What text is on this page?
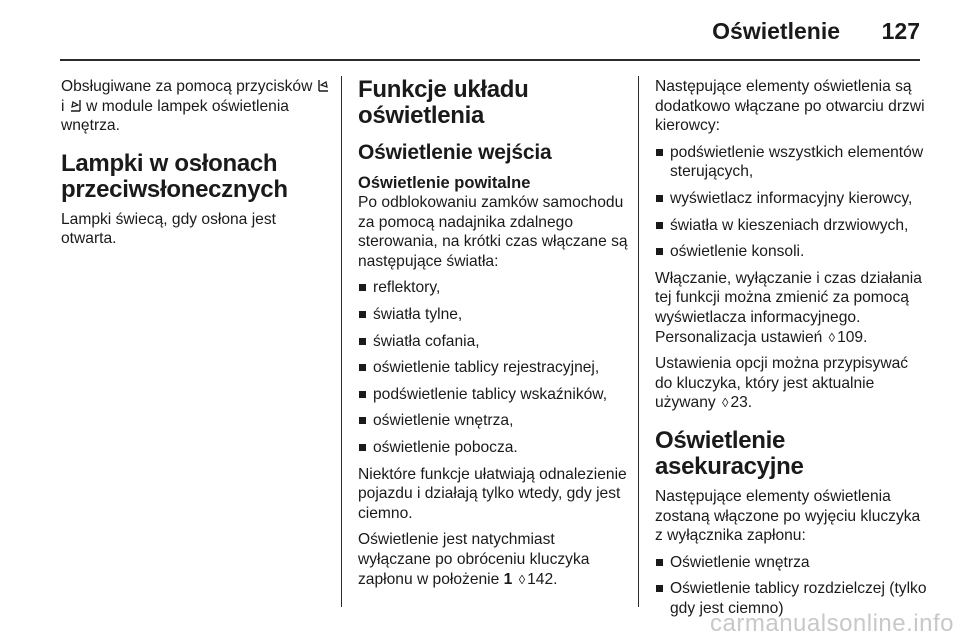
Oświetlenie 127

Obsługiwane za pomocą przycisków  i w module lampek oświetlenia wnętrza.

Lampki w osłonach przeciwsłonecznych

Lampki świecą, gdy osłona jest otwarta.

Funkcje układu oświetlenia
Oświetlenie wejścia
Oświetlenie powitalne

Po odblokowaniu zamków samochodu za pomocą nadajnika zdalnego sterowania, na krótki czas włączane są następujące światła:

reflektory,
światła tylne,
światła cofania,
oświetlenie tablicy rejestracyjnej,
podświetlenie tablicy wskaźników,
oświetlenie wnętrza,
oświetlenie pobocza.

Niektóre funkcje ułatwiają odnalezienie pojazdu i działają tylko wtedy, gdy jest ciemno.

Oświetlenie jest natychmiast wyłączane po obróceniu kluczyka zapłonu w położenie 1 ◊ 142.

Następujące elementy oświetlenia są dodatkowo włączane po otwarciu drzwi kierowcy:

podświetlenie wszystkich elementów sterujących,
wyświetlacz informacyjny kierowcy,
światła w kieszeniach drzwiowych,
oświetlenie konsoli.

Włączanie, wyłączanie i czas działania tej funkcji można zmienić za pomocą wyświetlacza informacyjnego. Personalizacja ustawień ◊ 109.

Ustawienia opcji można przypisywać do kluczyka, który jest aktualnie używany ◊ 23.

Oświetlenie asekuracyjne

Następujące elementy oświetlenia zostaną włączone po wyjęciu kluczyka z wyłącznika zapłonu:

Oświetlenie wnętrza
Oświetlenie tablicy rozdzielczej (tylko gdy jest ciemno)
carmanualsonline.info
